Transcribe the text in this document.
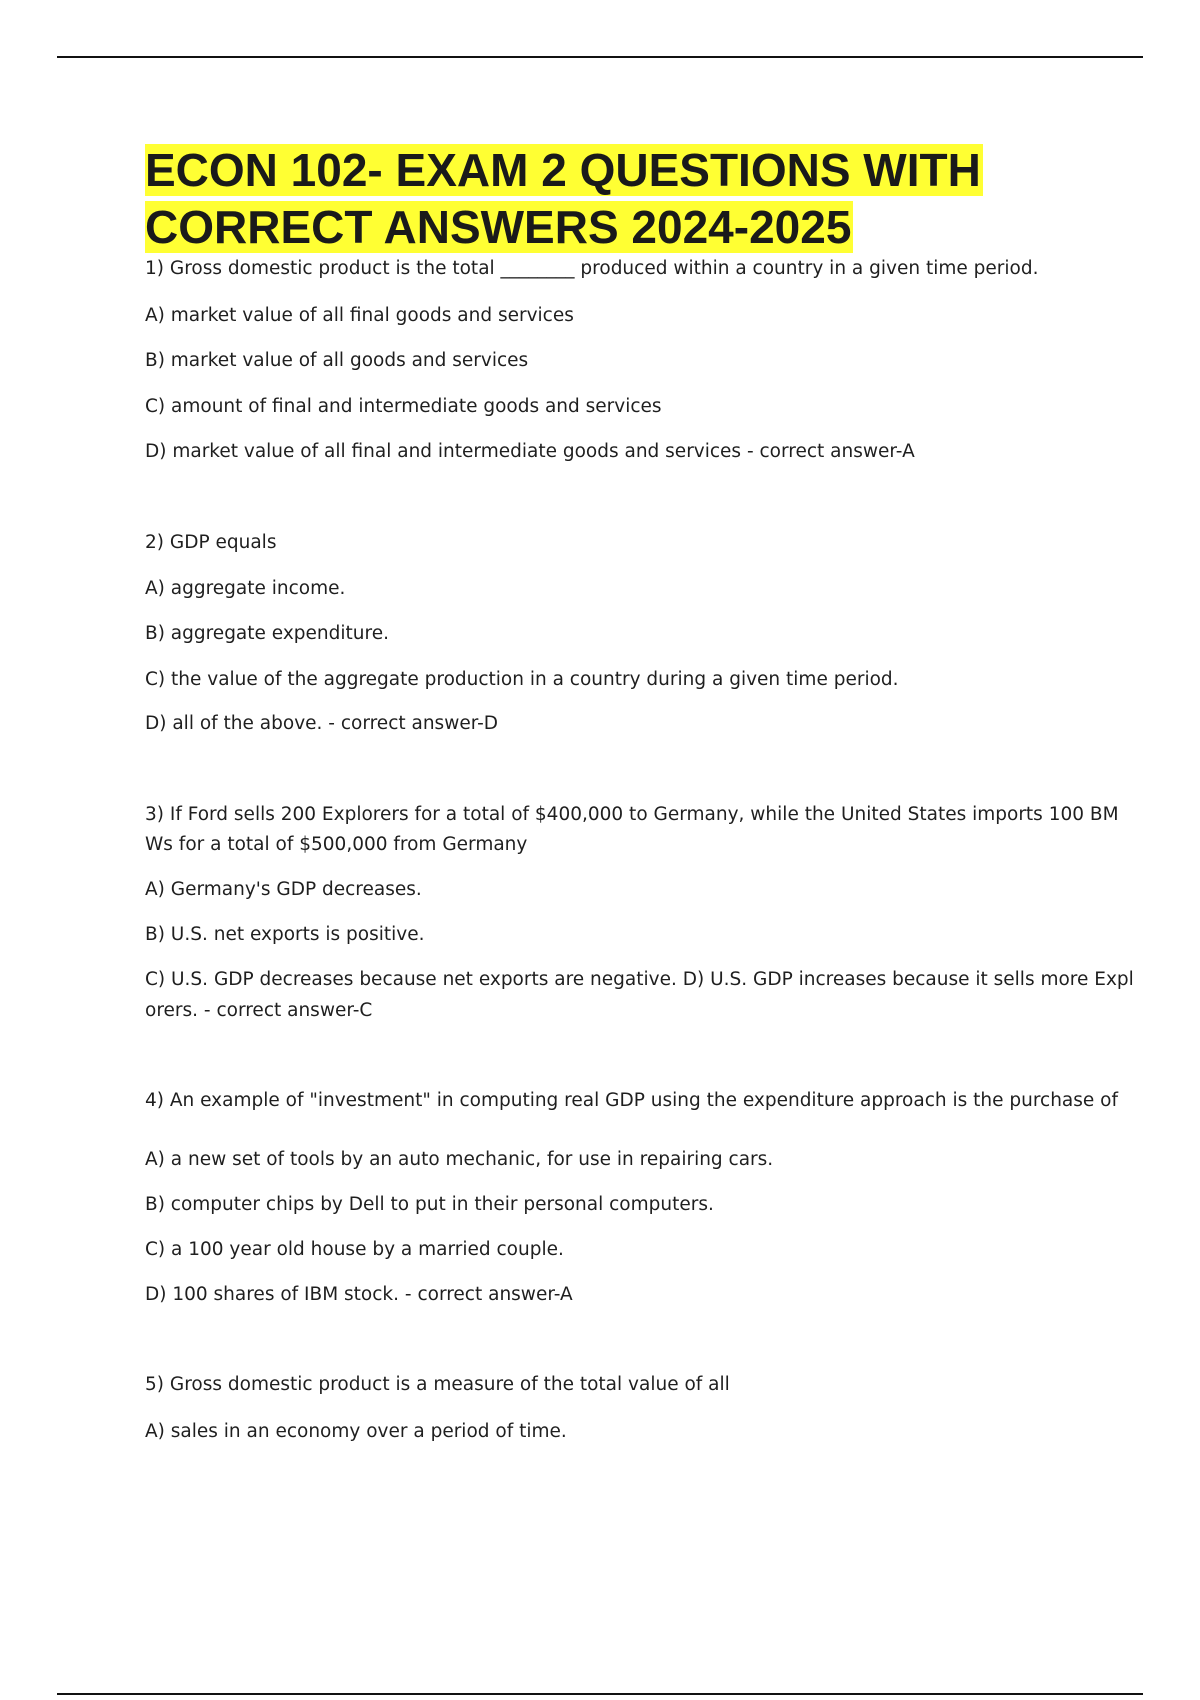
ECON 102- EXAM 2 QUESTIONS WITH
CORRECT ANSWERS 2024-2025

1) Gross domestic product is the total ________ produced within a country in a given time period.

A) market value of all final goods and services

B) market value of all goods and services

C) amount of final and intermediate goods and services

D) market value of all final and intermediate goods and services - correct answer-A

2) GDP equals

A) aggregate income.

B) aggregate expenditure.

C) the value of the aggregate production in a country during a given time period.

D) all of the above. - correct answer-D

3) If Ford sells 200 Explorers for a total of $400,000 to Germany, while the United States imports 100 BM

Ws for a total of $500,000 from Germany

A) Germany's GDP decreases.

B) U.S. net exports is positive.

C) U.S. GDP decreases because net exports are negative. D) U.S. GDP increases because it sells more Expl

orers. - correct answer-C

4) An example of "investment" in computing real GDP using the expenditure approach is the purchase of

A) a new set of tools by an auto mechanic, for use in repairing cars.

B) computer chips by Dell to put in their personal computers.

C) a 100 year old house by a married couple.

D) 100 shares of IBM stock. - correct answer-A

5) Gross domestic product is a measure of the total value of all

A) sales in an economy over a period of time.
